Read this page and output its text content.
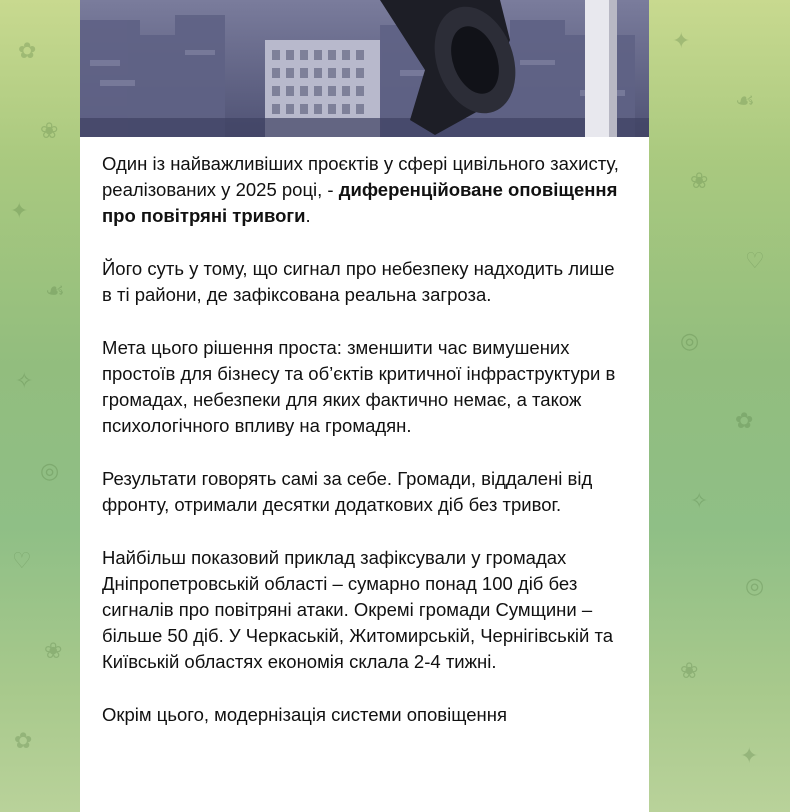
✿
❀
✦
☙
✧
◎
♡
❀
✿
✦
☙
❀
♡
◎
✿
✧
◎
❀
✦

Один із найважливіших проєктів у сфері цивільного захисту, реалізованих у 2025 році, - диференційоване оповіщення про повітряні тривоги.

Його суть у тому, що сигнал про небезпеку надходить лише в ті райони, де зафіксована реальна загроза.

Мета цього рішення проста: зменшити час вимушених простоїв для бізнесу та об’єктів критичної інфраструктури в громадах, небезпеки для яких фактично немає, а також психологічного впливу на громадян.

Результати говорять самі за себе. Громади, віддалені від фронту, отримали десятки додаткових діб без тривог.

Найбільш показовий приклад зафіксували у громадах Дніпропетровській області – сумарно понад 100 діб без сигналів про повітряні атаки. Окремі громади Сумщини – більше 50 діб. У Черкаській, Житомирській, Чернігівській та Київській областях економія склала 2-4 тижні.

Окрім цього, модернізація системи оповіщення
